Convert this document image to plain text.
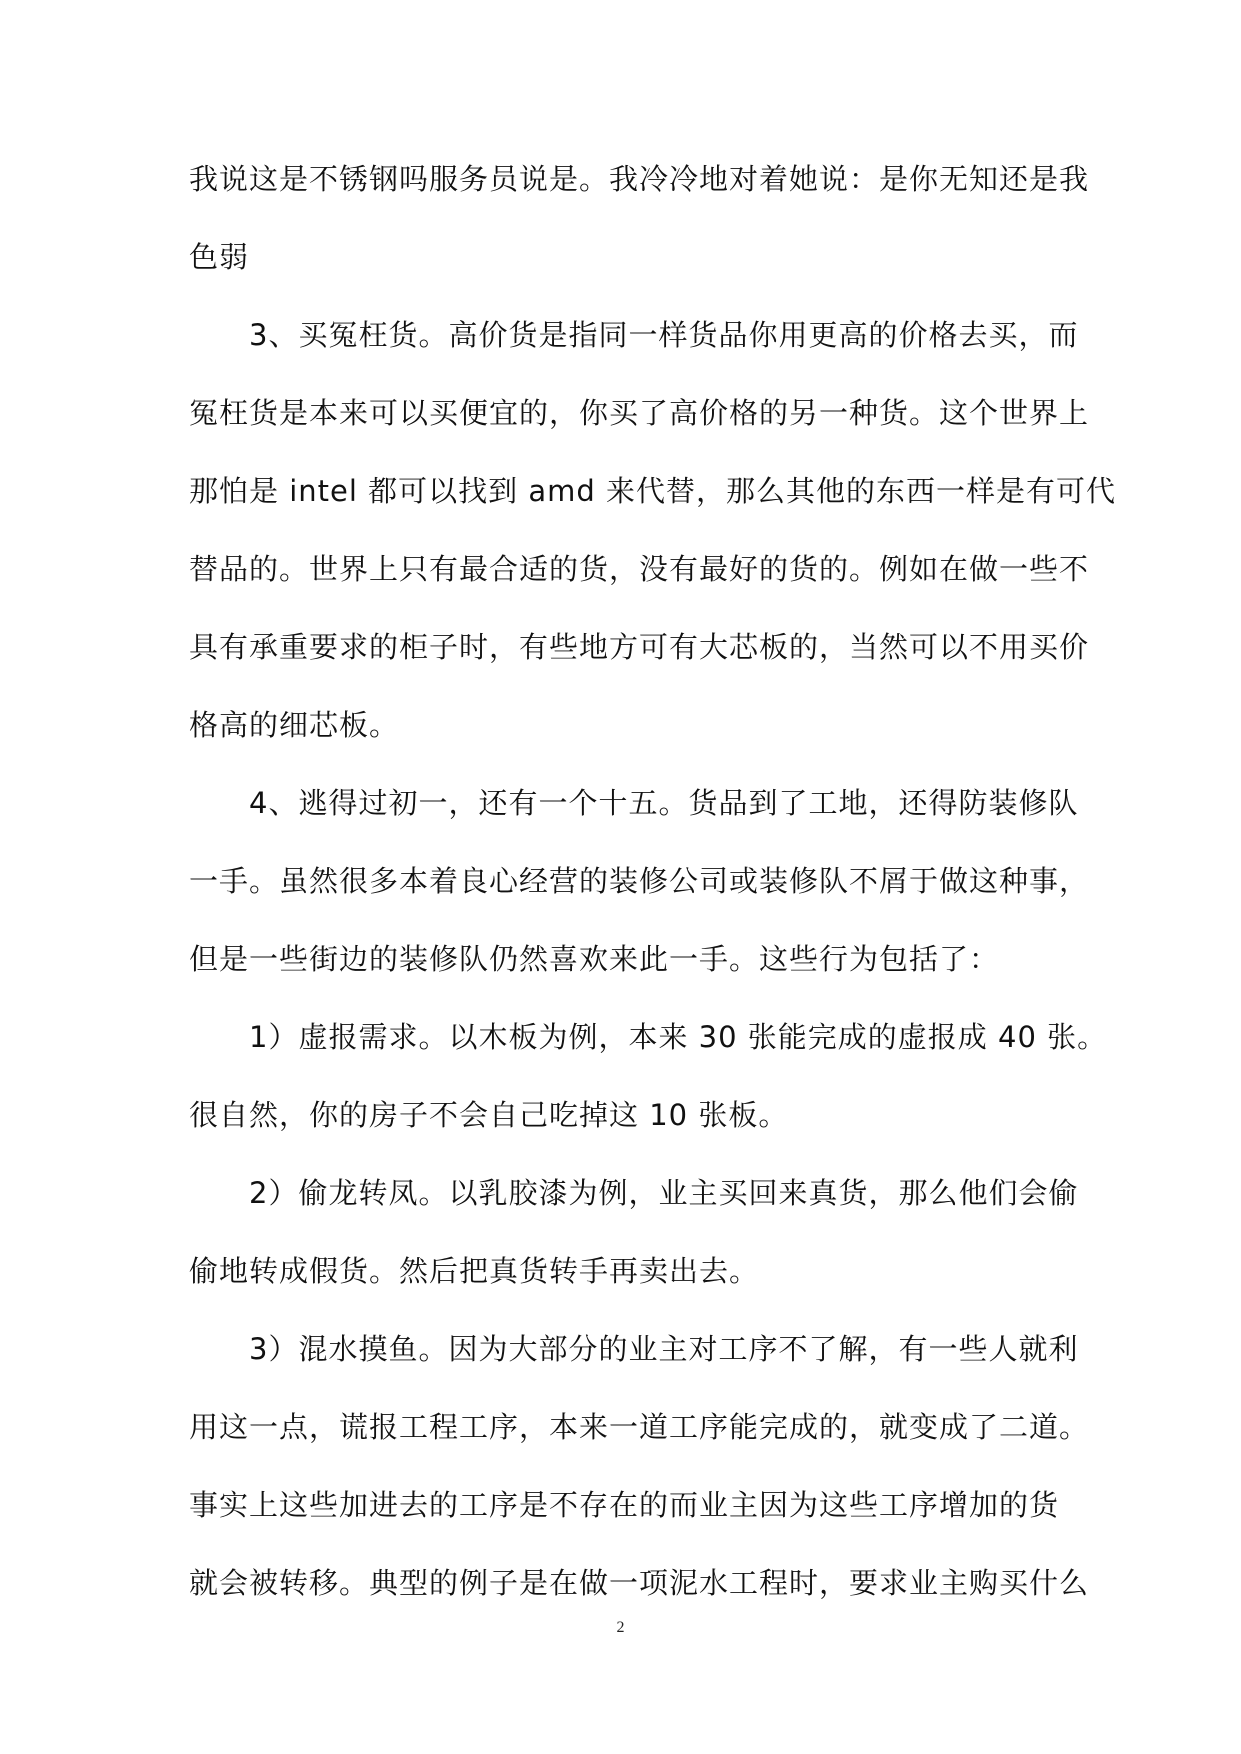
我说这是不锈钢吗服务员说是。我冷冷地对着她说：是你无知还是我
色弱

　　3、买冤枉货。高价货是指同一样货品你用更高的价格去买，而
冤枉货是本来可以买便宜的，你买了高价格的另一种货。这个世界上
那怕是 intel 都可以找到 amd 来代替，那么其他的东西一样是有可代
替品的。世界上只有最合适的货，没有最好的货的。例如在做一些不
具有承重要求的柜子时，有些地方可有大芯板的，当然可以不用买价
格高的细芯板。

　　4、逃得过初一，还有一个十五。货品到了工地，还得防装修队
一手。虽然很多本着良心经营的装修公司或装修队不屑于做这种事，
但是一些街边的装修队仍然喜欢来此一手。这些行为包括了：

　　1）虚报需求。以木板为例，本来 30 张能完成的虚报成 40 张。
很自然，你的房子不会自己吃掉这 10 张板。

　　2）偷龙转凤。以乳胶漆为例，业主买回来真货，那么他们会偷
偷地转成假货。然后把真货转手再卖出去。

　　3）混水摸鱼。因为大部分的业主对工序不了解，有一些人就利
用这一点，谎报工程工序，本来一道工序能完成的，就变成了二道。
事实上这些加进去的工序是不存在的而业主因为这些工序增加的货
就会被转移。典型的例子是在做一项泥水工程时，要求业主购买什么

2
